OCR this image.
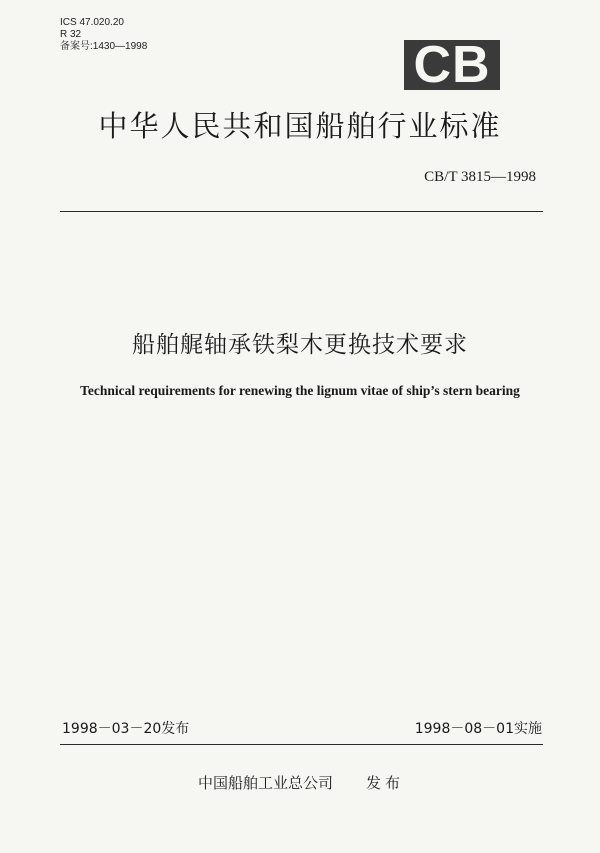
ICS 47.020.20
R 32
备案号:1430—1998	CB
中华人民共和国船舶行业标准
CB/T 3815—1998
船舶艉轴承铁梨木更换技术要求
Technical requirements for renewing the lignum vitae of ship’s stern bearing
1998－03－20发布	1998－08－01实施
中国船舶工业总公司 发布
